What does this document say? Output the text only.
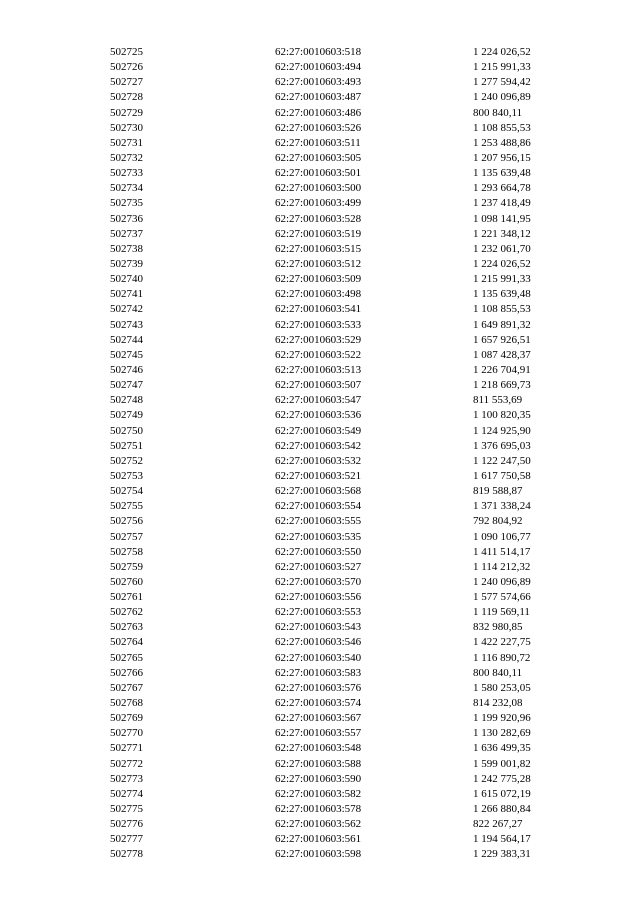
502725	62:27:0010603:518	1 224 026,52
502726	62:27:0010603:494	1 215 991,33
502727	62:27:0010603:493	1 277 594,42
502728	62:27:0010603:487	1 240 096,89
502729	62:27:0010603:486	800 840,11
502730	62:27:0010603:526	1 108 855,53
502731	62:27:0010603:511	1 253 488,86
502732	62:27:0010603:505	1 207 956,15
502733	62:27:0010603:501	1 135 639,48
502734	62:27:0010603:500	1 293 664,78
502735	62:27:0010603:499	1 237 418,49
502736	62:27:0010603:528	1 098 141,95
502737	62:27:0010603:519	1 221 348,12
502738	62:27:0010603:515	1 232 061,70
502739	62:27:0010603:512	1 224 026,52
502740	62:27:0010603:509	1 215 991,33
502741	62:27:0010603:498	1 135 639,48
502742	62:27:0010603:541	1 108 855,53
502743	62:27:0010603:533	1 649 891,32
502744	62:27:0010603:529	1 657 926,51
502745	62:27:0010603:522	1 087 428,37
502746	62:27:0010603:513	1 226 704,91
502747	62:27:0010603:507	1 218 669,73
502748	62:27:0010603:547	811 553,69
502749	62:27:0010603:536	1 100 820,35
502750	62:27:0010603:549	1 124 925,90
502751	62:27:0010603:542	1 376 695,03
502752	62:27:0010603:532	1 122 247,50
502753	62:27:0010603:521	1 617 750,58
502754	62:27:0010603:568	819 588,87
502755	62:27:0010603:554	1 371 338,24
502756	62:27:0010603:555	792 804,92
502757	62:27:0010603:535	1 090 106,77
502758	62:27:0010603:550	1 411 514,17
502759	62:27:0010603:527	1 114 212,32
502760	62:27:0010603:570	1 240 096,89
502761	62:27:0010603:556	1 577 574,66
502762	62:27:0010603:553	1 119 569,11
502763	62:27:0010603:543	832 980,85
502764	62:27:0010603:546	1 422 227,75
502765	62:27:0010603:540	1 116 890,72
502766	62:27:0010603:583	800 840,11
502767	62:27:0010603:576	1 580 253,05
502768	62:27:0010603:574	814 232,08
502769	62:27:0010603:567	1 199 920,96
502770	62:27:0010603:557	1 130 282,69
502771	62:27:0010603:548	1 636 499,35
502772	62:27:0010603:588	1 599 001,82
502773	62:27:0010603:590	1 242 775,28
502774	62:27:0010603:582	1 615 072,19
502775	62:27:0010603:578	1 266 880,84
502776	62:27:0010603:562	822 267,27
502777	62:27:0010603:561	1 194 564,17
502778	62:27:0010603:598	1 229 383,31
